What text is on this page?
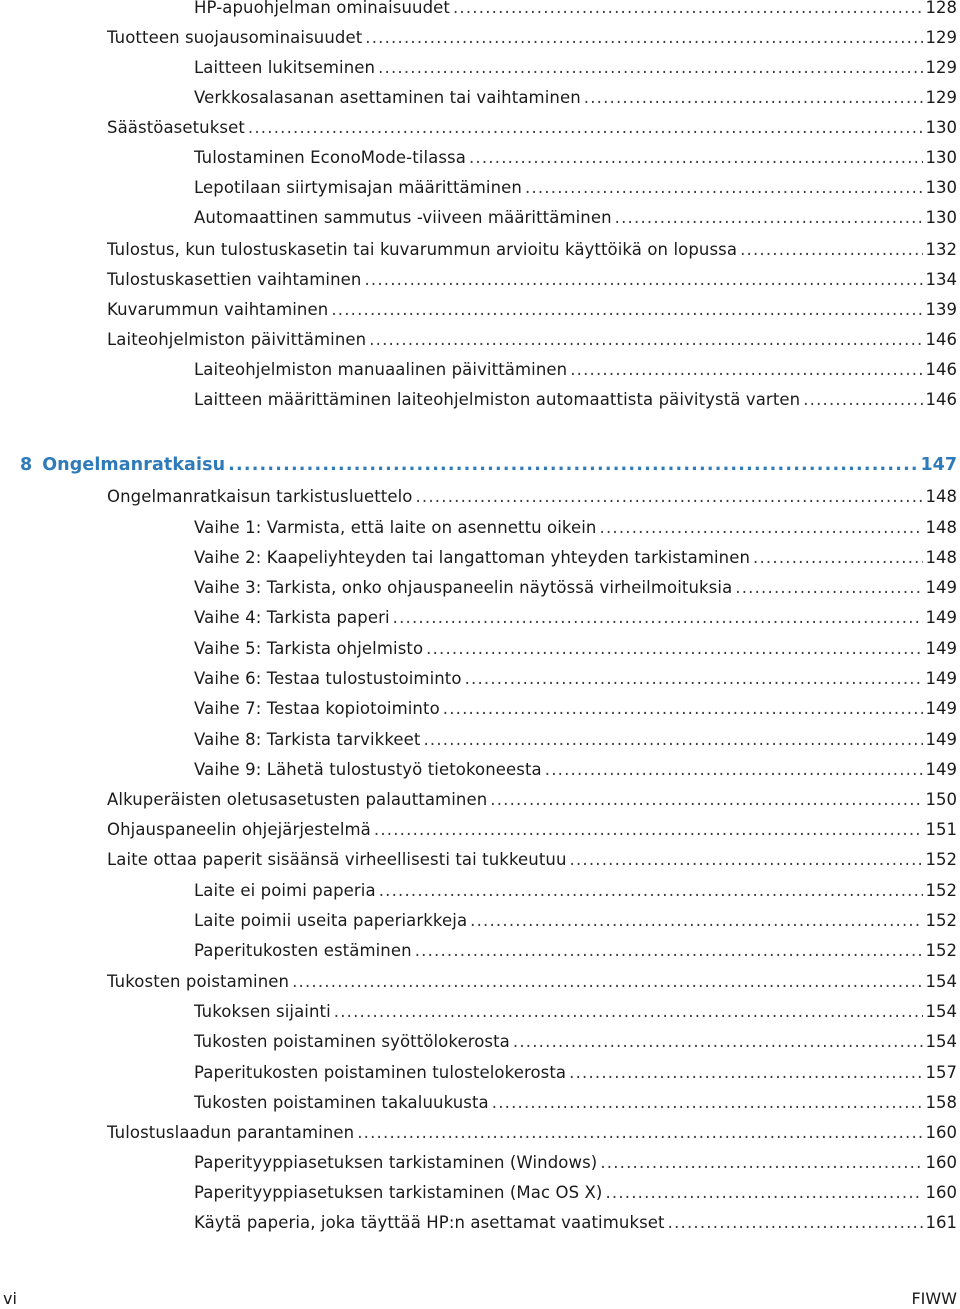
HP-apuohjelman ominaisuudet .....	128
Tuotteen suojausominaisuudet .....	129
Laitteen lukitseminen .....	129
Verkkosalasanan asettaminen tai vaihtaminen .....	129
Säästöasetukset .....	130
Tulostaminen EconoMode-tilassa .....	130
Lepotilaan siirtymisajan määrittäminen .....	130
Automaattinen sammutus -viiveen määrittäminen .....	130
Tulostus, kun tulostuskasetin tai kuvarummun arvioitu käyttöikä on lopussa .....	132
Tulostuskasettien vaihtaminen .....	134
Kuvarummun vaihtaminen .....	139
Laiteohjelmiston päivittäminen .....	146
Laiteohjelmiston manuaalinen päivittäminen .....	146
Laitteen määrittäminen laiteohjelmiston automaattista päivitystä varten .....	146
8 Ongelmanratkaisu .....	147
Ongelmanratkaisun tarkistusluettelo .....	148
Vaihe 1: Varmista, että laite on asennettu oikein .....	148
Vaihe 2: Kaapeliyhteyden tai langattoman yhteyden tarkistaminen .....	148
Vaihe 3: Tarkista, onko ohjauspaneelin näytössä virheilmoituksia .....	149
Vaihe 4: Tarkista paperi .....	149
Vaihe 5: Tarkista ohjelmisto .....	149
Vaihe 6: Testaa tulostustoiminto .....	149
Vaihe 7: Testaa kopiotoiminto .....	149
Vaihe 8: Tarkista tarvikkeet .....	149
Vaihe 9: Lähetä tulostustyö tietokoneesta .....	149
Alkuperäisten oletusasetusten palauttaminen .....	150
Ohjauspaneelin ohjejärjestelmä .....	151
Laite ottaa paperit sisäänsä virheellisesti tai tukkeutuu .....	152
Laite ei poimi paperia .....	152
Laite poimii useita paperiarkkeja .....	152
Paperitukosten estäminen .....	152
Tukosten poistaminen .....	154
Tukoksen sijainti .....	154
Tukosten poistaminen syöttölokerosta .....	154
Paperitukosten poistaminen tulostelokerosta .....	157
Tukosten poistaminen takaluukusta .....	158
Tulostuslaadun parantaminen .....	160
Paperityyppiasetuksen tarkistaminen (Windows) .....	160
Paperityyppiasetuksen tarkistaminen (Mac OS X) .....	160
Käytä paperia, joka täyttää HP:n asettamat vaatimukset .....	161
vi	FIWW
